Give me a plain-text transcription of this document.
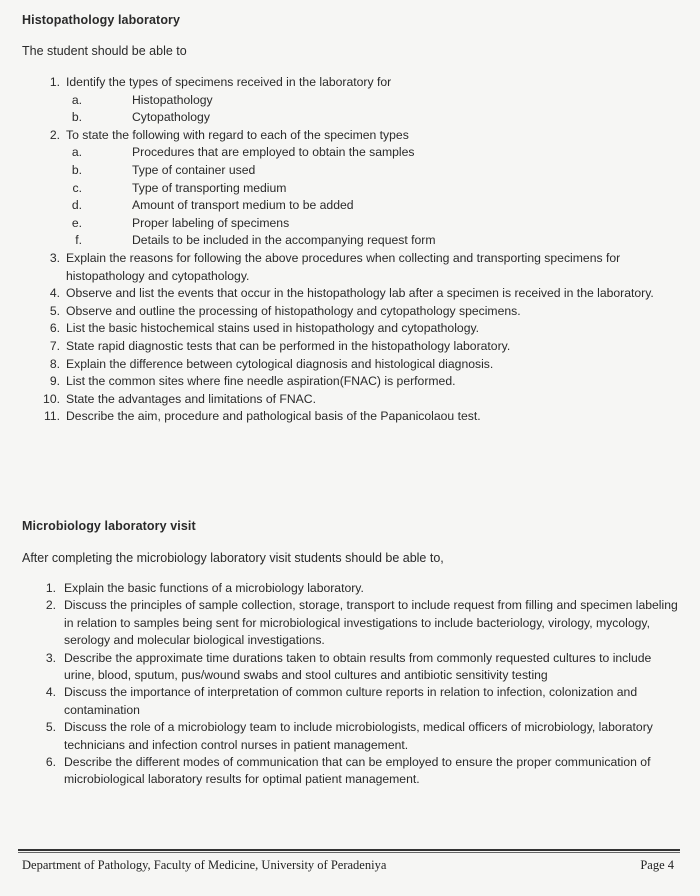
Histopathology laboratory

The student should be able to

1. Identify the types of specimens received in the laboratory for
a.	Histopathology
b.	Cytopathology
2. To state the following with regard to each of the specimen types
a.	Procedures that are employed to obtain the samples
b.	Type of container used
c.	Type of transporting medium
d.	Amount of transport medium to be added
e.	Proper labeling of specimens
f.	Details to be included in the accompanying request form
3. Explain the reasons for following the above procedures when collecting and transporting specimens for histopathology and cytopathology.
4. Observe and list the events that occur in the histopathology lab after a specimen is received in the laboratory.
5. Observe and outline the processing of histopathology and cytopathology specimens.
6. List the basic histochemical stains used in histopathology and cytopathology.
7. State rapid diagnostic tests that can be performed in the histopathology laboratory.
8. Explain the difference between cytological diagnosis and histological diagnosis.
9. List the common sites where fine needle aspiration(FNAC) is performed.
10. State the advantages and limitations of FNAC.
11. Describe the aim, procedure and pathological basis of the Papanicolaou test.
Microbiology laboratory visit

After completing the microbiology laboratory visit students should be able to,

1. Explain the basic functions of a microbiology laboratory.
2. Discuss the principles of sample collection, storage, transport to include request from filling and specimen labeling in relation to samples being sent for microbiological investigations to include bacteriology, virology, mycology, serology and molecular biological investigations.
3. Describe the approximate time durations taken to obtain results from commonly requested cultures to include urine, blood, sputum, pus/wound swabs and stool cultures and antibiotic sensitivity testing
4. Discuss the importance of interpretation of common culture reports in relation to infection, colonization and contamination
5. Discuss the role of a microbiology team to include microbiologists, medical officers of microbiology, laboratory technicians and infection control nurses in patient management.
6. Describe the different modes of communication that can be employed to ensure the proper communication of microbiological laboratory results for optimal patient management.
Department of Pathology, Faculty of Medicine, University of Peradeniya	Page 4
